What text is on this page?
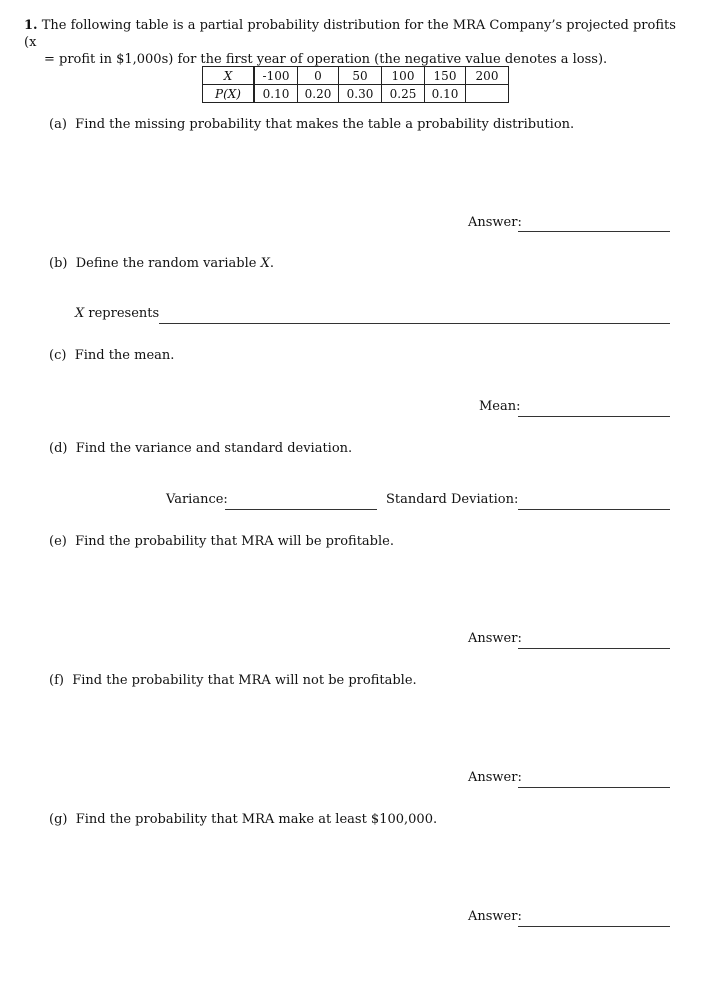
1. The following table is a partial probability distribution for the MRA Company’s projected profits (x
= profit in $1,000s) for the first year of operation (the negative value denotes a loss).
X	-100	0	50	100	150	200
P(X)	0.10	0.20	0.30	0.25	0.10	
(a) Find the missing probability that makes the table a probability distribution.
Answer:
(b) Define the random variable X.
X represents
(c) Find the mean.
Mean:
(d) Find the variance and standard deviation.
Variance:	Standard Deviation:
(e) Find the probability that MRA will be profitable.
Answer:
(f) Find the probability that MRA will not be profitable.
Answer:
(g) Find the probability that MRA make at least $100,000.
Answer:
